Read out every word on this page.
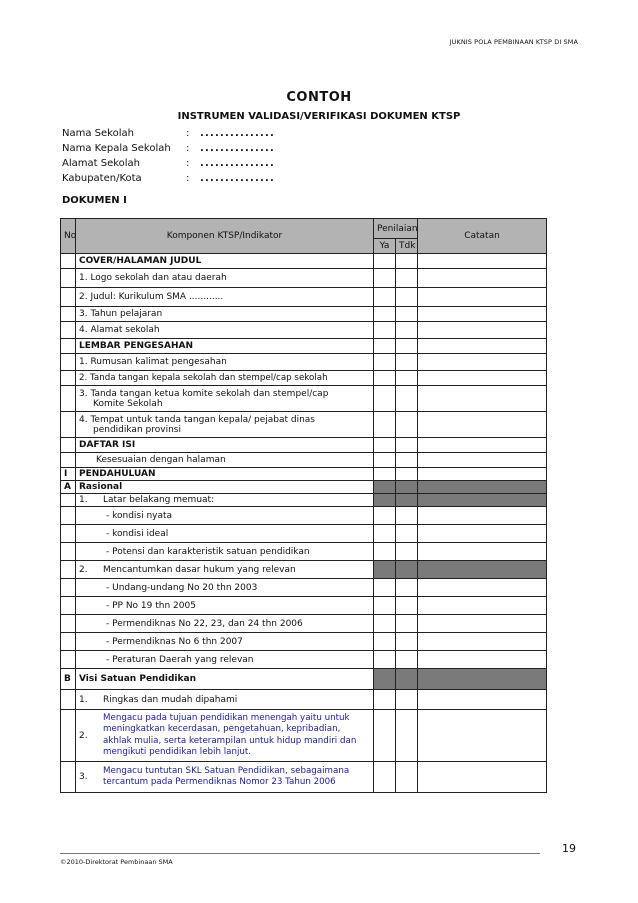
JUKNIS POLA PEMBINAAN KTSP DI SMA
CONTOH
INSTRUMEN VALIDASI/VERIFIKASI DOKUMEN KTSP
Nama Sekolah	:	...............
Nama Kepala Sekolah	:	...............
Alamat Sekolah	:	...............
Kabupaten/Kota	:	...............
DOKUMEN I
No	Komponen KTSP/Indikator	Penilaian		Catatan
		Ya	Tdk	
	COVER/HALAMAN JUDUL			
	1. Logo sekolah dan atau daerah			
	2. Judul: Kurikulum SMA ............			
	3. Tahun pelajaran			
	4. Alamat sekolah			
	LEMBAR PENGESAHAN			
	1. Rumusan kalimat pengesahan			
	2. Tanda tangan kepala sekolah dan stempel/cap sekolah			

	3. Tanda tangan ketua komite sekolah dan stempel/cap
Komite Sekolah			

	4. Tempat untuk tanda tangan kepala/ pejabat dinas
pendidikan provinsi			

	DAFTAR ISI			
	Kesesuaian dengan halaman			
I	PENDAHULUAN			
A	Rasional			

	1. Latar belakang memuat:			

	- kondisi nyata			
	- kondisi ideal			
	- Potensi dan karakteristik satuan pendidikan			

	2. Mencantumkan dasar hukum yang relevan			

	- Undang-undang No 20 thn 2003			
	- PP No 19 thn 2005			
	- Permendiknas No 22, 23, dan 24 thn 2006			
	- Permendiknas No 6 thn 2007			
	- Peraturan Daerah yang relevan			
B	Visi Satuan Pendidikan			

	1. Ringkas dan mudah dipahami			

	2.
Mengacu pada tujuan pendidikan menengah yaitu untuk meningkatkan kecerdasan, pengetahuan, kepribadian, akhlak mulia, serta keterampilan untuk hidup mandiri dan mengikuti pendidikan lebih lanjut.			

	3.
Mengacu tuntutan SKL Satuan Pendidikan, sebagaimana tercantum pada Permendiknas Nomor 23 Tahun 2006			

19
©2010-Direktorat Pembinaan SMA
